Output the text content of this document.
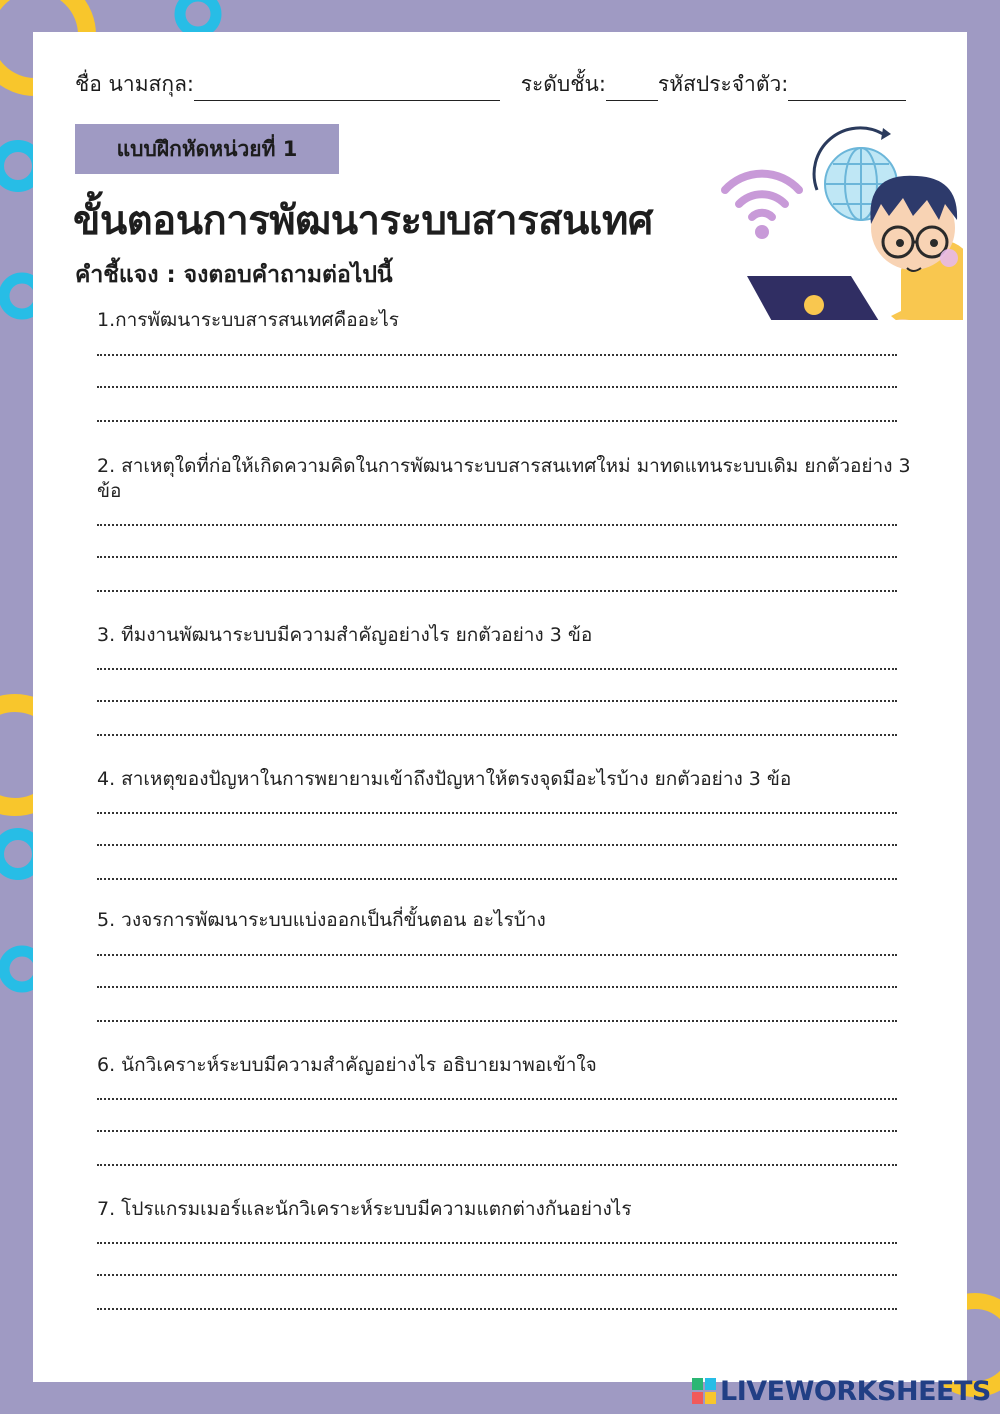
ชื่อ นามสกุล:	ระดับชั้น: รหัสประจำตัว:
แบบฝึกหัดหน่วยที่ 1
ขั้นตอนการพัฒนาระบบสารสนเทศ
คำชี้แจง : จงตอบคำถามต่อไปนี้
1.การพัฒนาระบบสารสนเทศคืออะไร
2. สาเหตุใดที่ก่อให้เกิดความคิดในการพัฒนาระบบสารสนเทศใหม่ มาทดแทนระบบเดิม ยกตัวอย่าง 3 ข้อ
3. ทีมงานพัฒนาระบบมีความสำคัญอย่างไร ยกตัวอย่าง 3 ข้อ
4. สาเหตุของปัญหาในการพยายามเข้าถึงปัญหาให้ตรงจุดมีอะไรบ้าง ยกตัวอย่าง 3 ข้อ
5. วงจรการพัฒนาระบบแบ่งออกเป็นกี่ขั้นตอน อะไรบ้าง
6. นักวิเคราะห์ระบบมีความสำคัญอย่างไร อธิบายมาพอเข้าใจ
7. โปรแกรมเมอร์และนักวิเคราะห์ระบบมีความแตกต่างกันอย่างไร
LIVEWORKSHEETS
